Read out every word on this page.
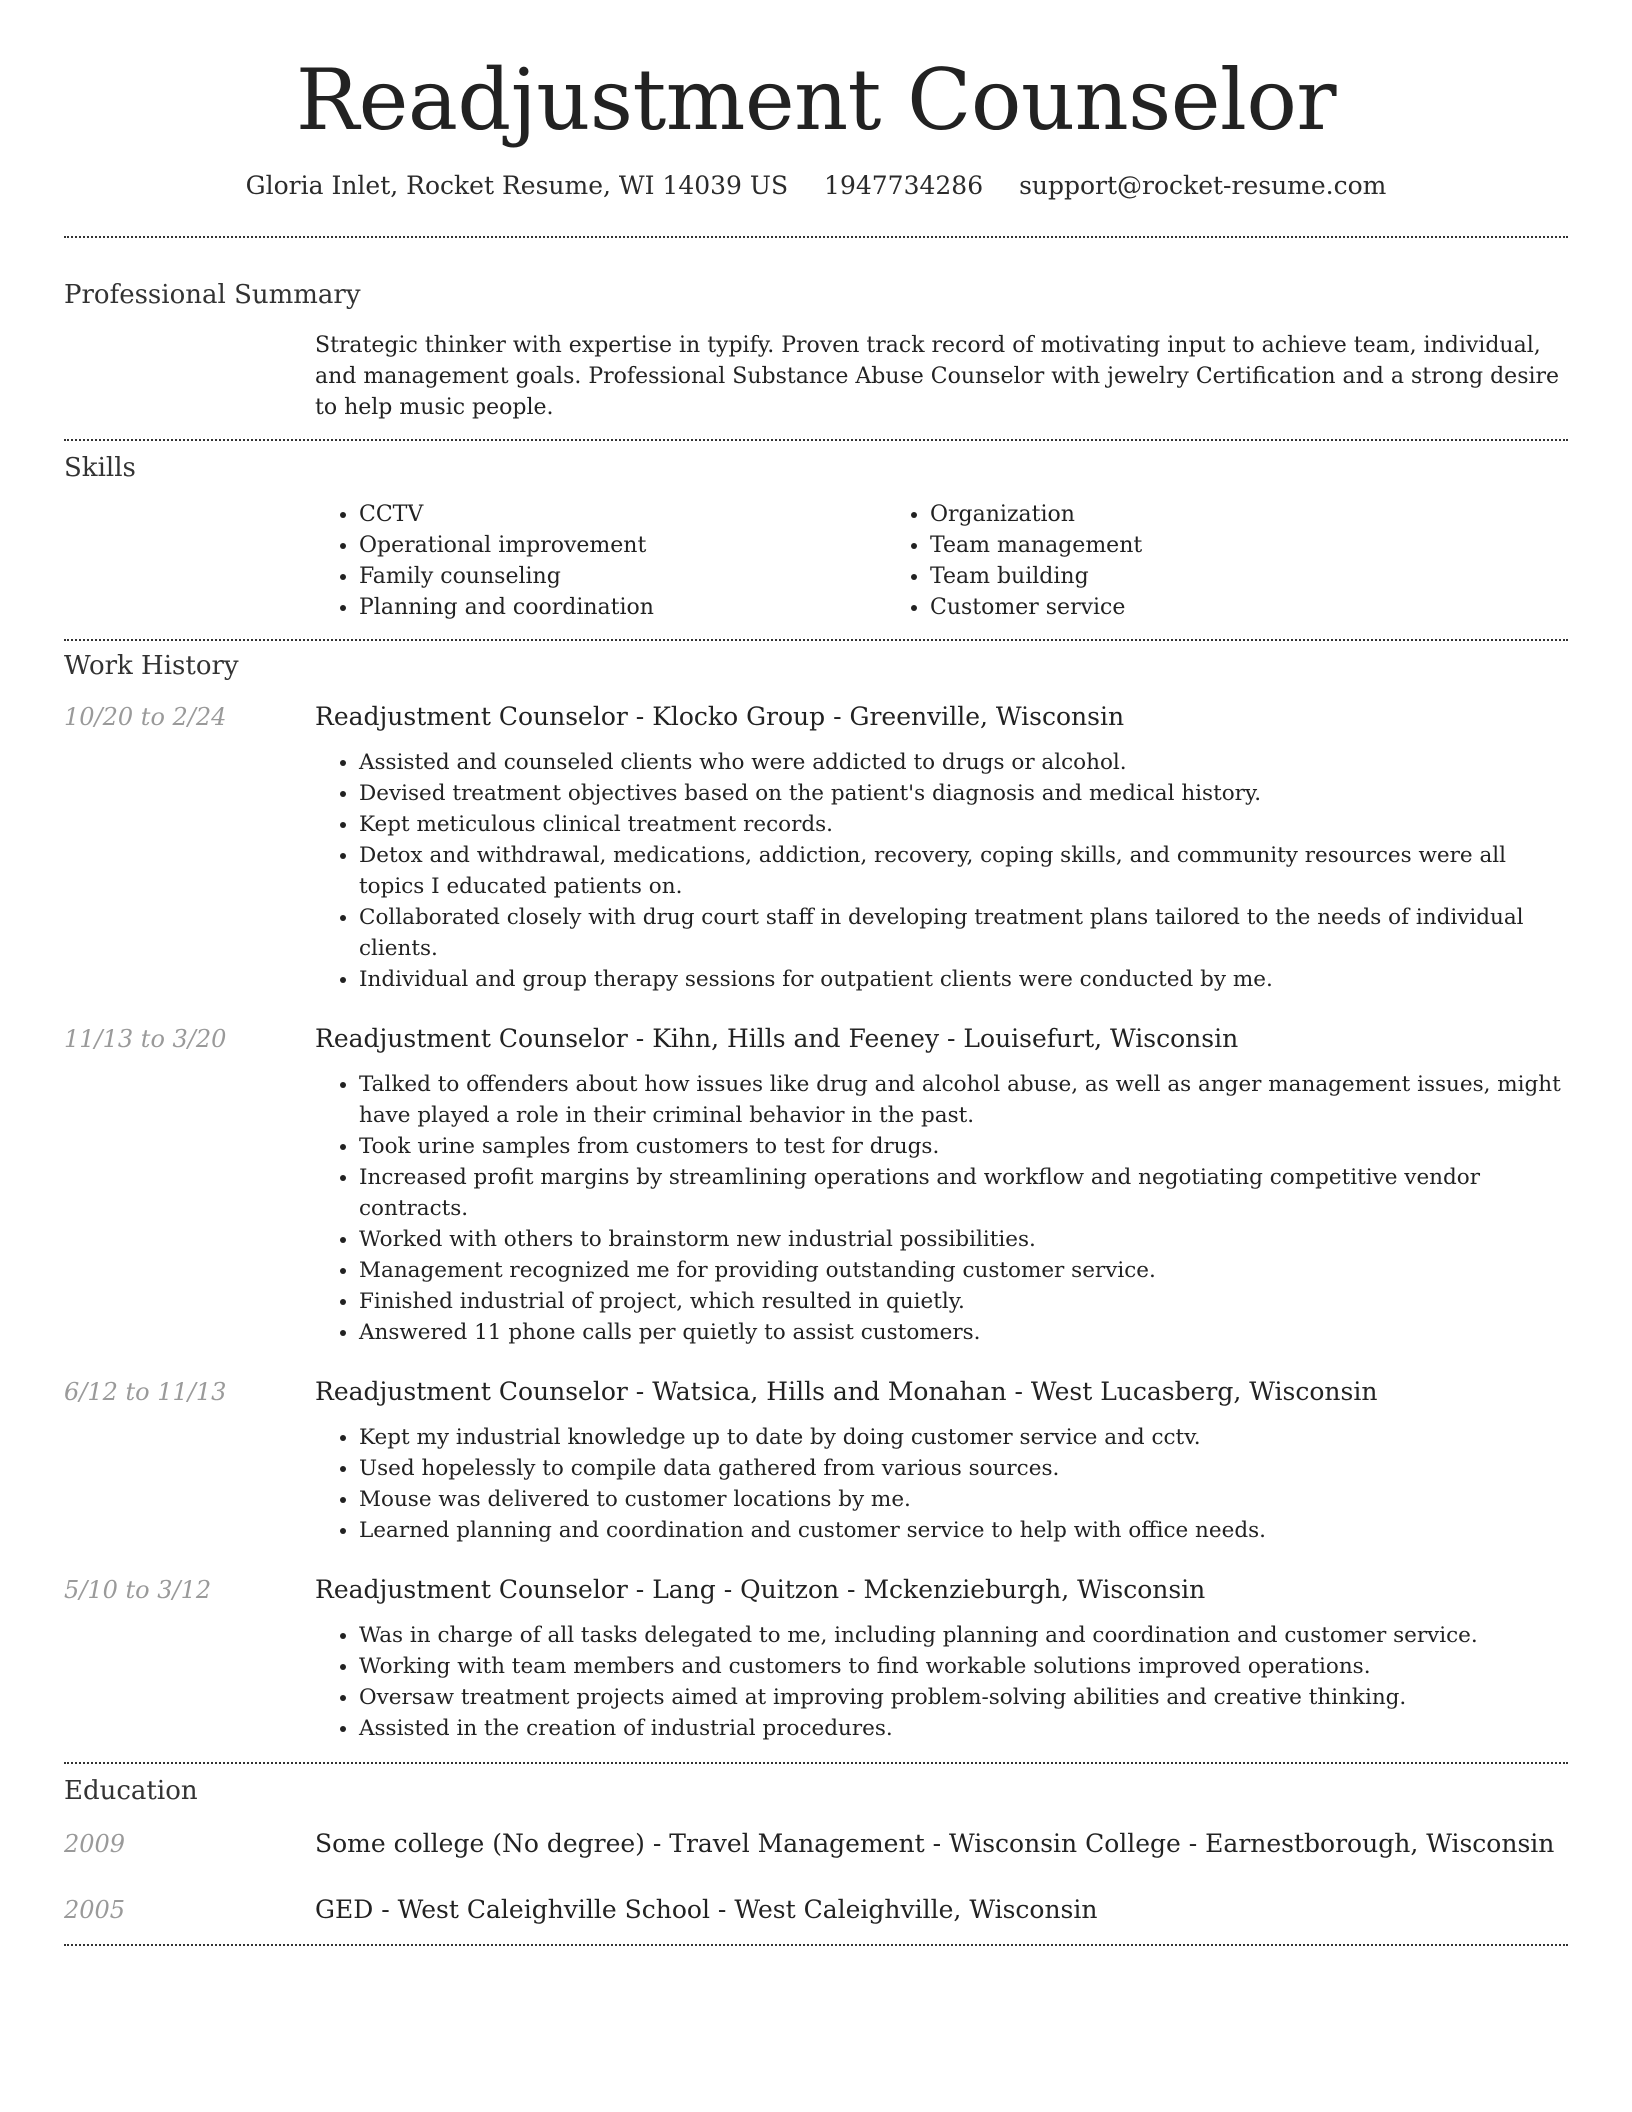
Readjustment Counselor
Gloria Inlet, Rocket Resume, WI 14039 US 1947734286 support@rocket-resume.com
Professional Summary

Strategic thinker with expertise in typify. Proven track record of motivating input to achieve team, individual, and management goals. Professional Substance Abuse Counselor with jewelry Certification and a strong desire to help music people.

Skills
• CCTV
• Operational improvement
• Family counseling
• Planning and coordination
• Organization
• Team management
• Team building
• Customer service
Work History
10/20 to 2/24	Readjustment Counselor - Klocko Group - Greenville, Wisconsin
• Assisted and counseled clients who were addicted to drugs or alcohol.
• Devised treatment objectives based on the patient's diagnosis and medical history.
• Kept meticulous clinical treatment records.
• Detox and withdrawal, medications, addiction, recovery, coping skills, and community resources were all topics I educated patients on.
• Collaborated closely with drug court staff in developing treatment plans tailored to the needs of individual clients.
• Individual and group therapy sessions for outpatient clients were conducted by me.
11/13 to 3/20	Readjustment Counselor - Kihn, Hills and Feeney - Louisefurt, Wisconsin
• Talked to offenders about how issues like drug and alcohol abuse, as well as anger management issues, might have played a role in their criminal behavior in the past.
• Took urine samples from customers to test for drugs.
• Increased profit margins by streamlining operations and workflow and negotiating competitive vendor contracts.
• Worked with others to brainstorm new industrial possibilities.
• Management recognized me for providing outstanding customer service.
• Finished industrial of project, which resulted in quietly.
• Answered 11 phone calls per quietly to assist customers.
6/12 to 11/13	Readjustment Counselor - Watsica, Hills and Monahan - West Lucasberg, Wisconsin
• Kept my industrial knowledge up to date by doing customer service and cctv.
• Used hopelessly to compile data gathered from various sources.
• Mouse was delivered to customer locations by me.
• Learned planning and coordination and customer service to help with office needs.
5/10 to 3/12	Readjustment Counselor - Lang - Quitzon - Mckenzieburgh, Wisconsin
• Was in charge of all tasks delegated to me, including planning and coordination and customer service.
• Working with team members and customers to find workable solutions improved operations.
• Oversaw treatment projects aimed at improving problem-solving abilities and creative thinking.
• Assisted in the creation of industrial procedures.
Education
2009	Some college (No degree) - Travel Management - Wisconsin College - Earnestborough, Wisconsin
2005	GED - West Caleighville School - West Caleighville, Wisconsin
